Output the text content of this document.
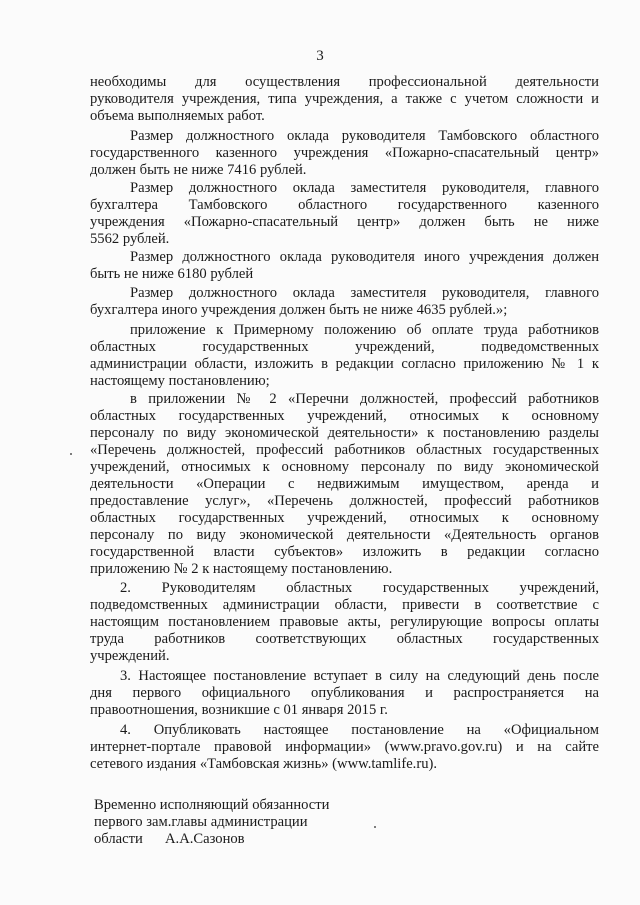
3
необходимы для осуществления профессиональной деятельности
руководителя учреждения, типа учреждения, а также с учетом сложности и
объема выполняемых работ.
Размер должностного оклада руководителя Тамбовского областного
государственного казенного учреждения «Пожарно-спасательный центр»
должен быть не ниже 7416 рублей.
Размер должностного оклада заместителя руководителя, главного
бухгалтера Тамбовского областного государственного казенного
учреждения «Пожарно-спасательный центр» должен быть не ниже
5562 рублей.
Размер должностного оклада руководителя иного учреждения должен
быть не ниже 6180 рублей
Размер должностного оклада заместителя руководителя, главного
бухгалтера иного учреждения должен быть не ниже 4635 рублей.»;
приложение к Примерному положению об оплате труда работников
областных государственных учреждений, подведомственных
администрации области, изложить в редакции согласно приложению № 1 к
настоящему постановлению;
в приложении № 2 «Перечни должностей, профессий работников
областных государственных учреждений, относимых к основному
персоналу по виду экономической деятельности» к постановлению разделы
«Перечень должностей, профессий работников областных государственных
учреждений, относимых к основному персоналу по виду экономической
деятельности «Операции с недвижимым имуществом, аренда и
предоставление услуг», «Перечень должностей, профессий работников
областных государственных учреждений, относимых к основному
персоналу по виду экономической деятельности «Деятельность органов
государственной власти субъектов» изложить в редакции согласно
приложению № 2 к настоящему постановлению.
2. Руководителям областных государственных учреждений,
подведомственных администрации области, привести в соответствие с
настоящим постановлением правовые акты, регулирующие вопросы оплаты
труда работников соответствующих областных государственных
учреждений.
3. Настоящее постановление вступает в силу на следующий день после
дня первого официального опубликования и распространяется на
правоотношения, возникшие с 01 января 2015 г.
4. Опубликовать настоящее постановление на «Официальном
интернет-портале правовой информации» (www.pravo.gov.ru) и на сайте
сетевого издания «Тамбовская жизнь» (www.tamlife.ru).
Временно исполняющий обязанности
первого зам.главы администрации
области А.А.Сазонов
